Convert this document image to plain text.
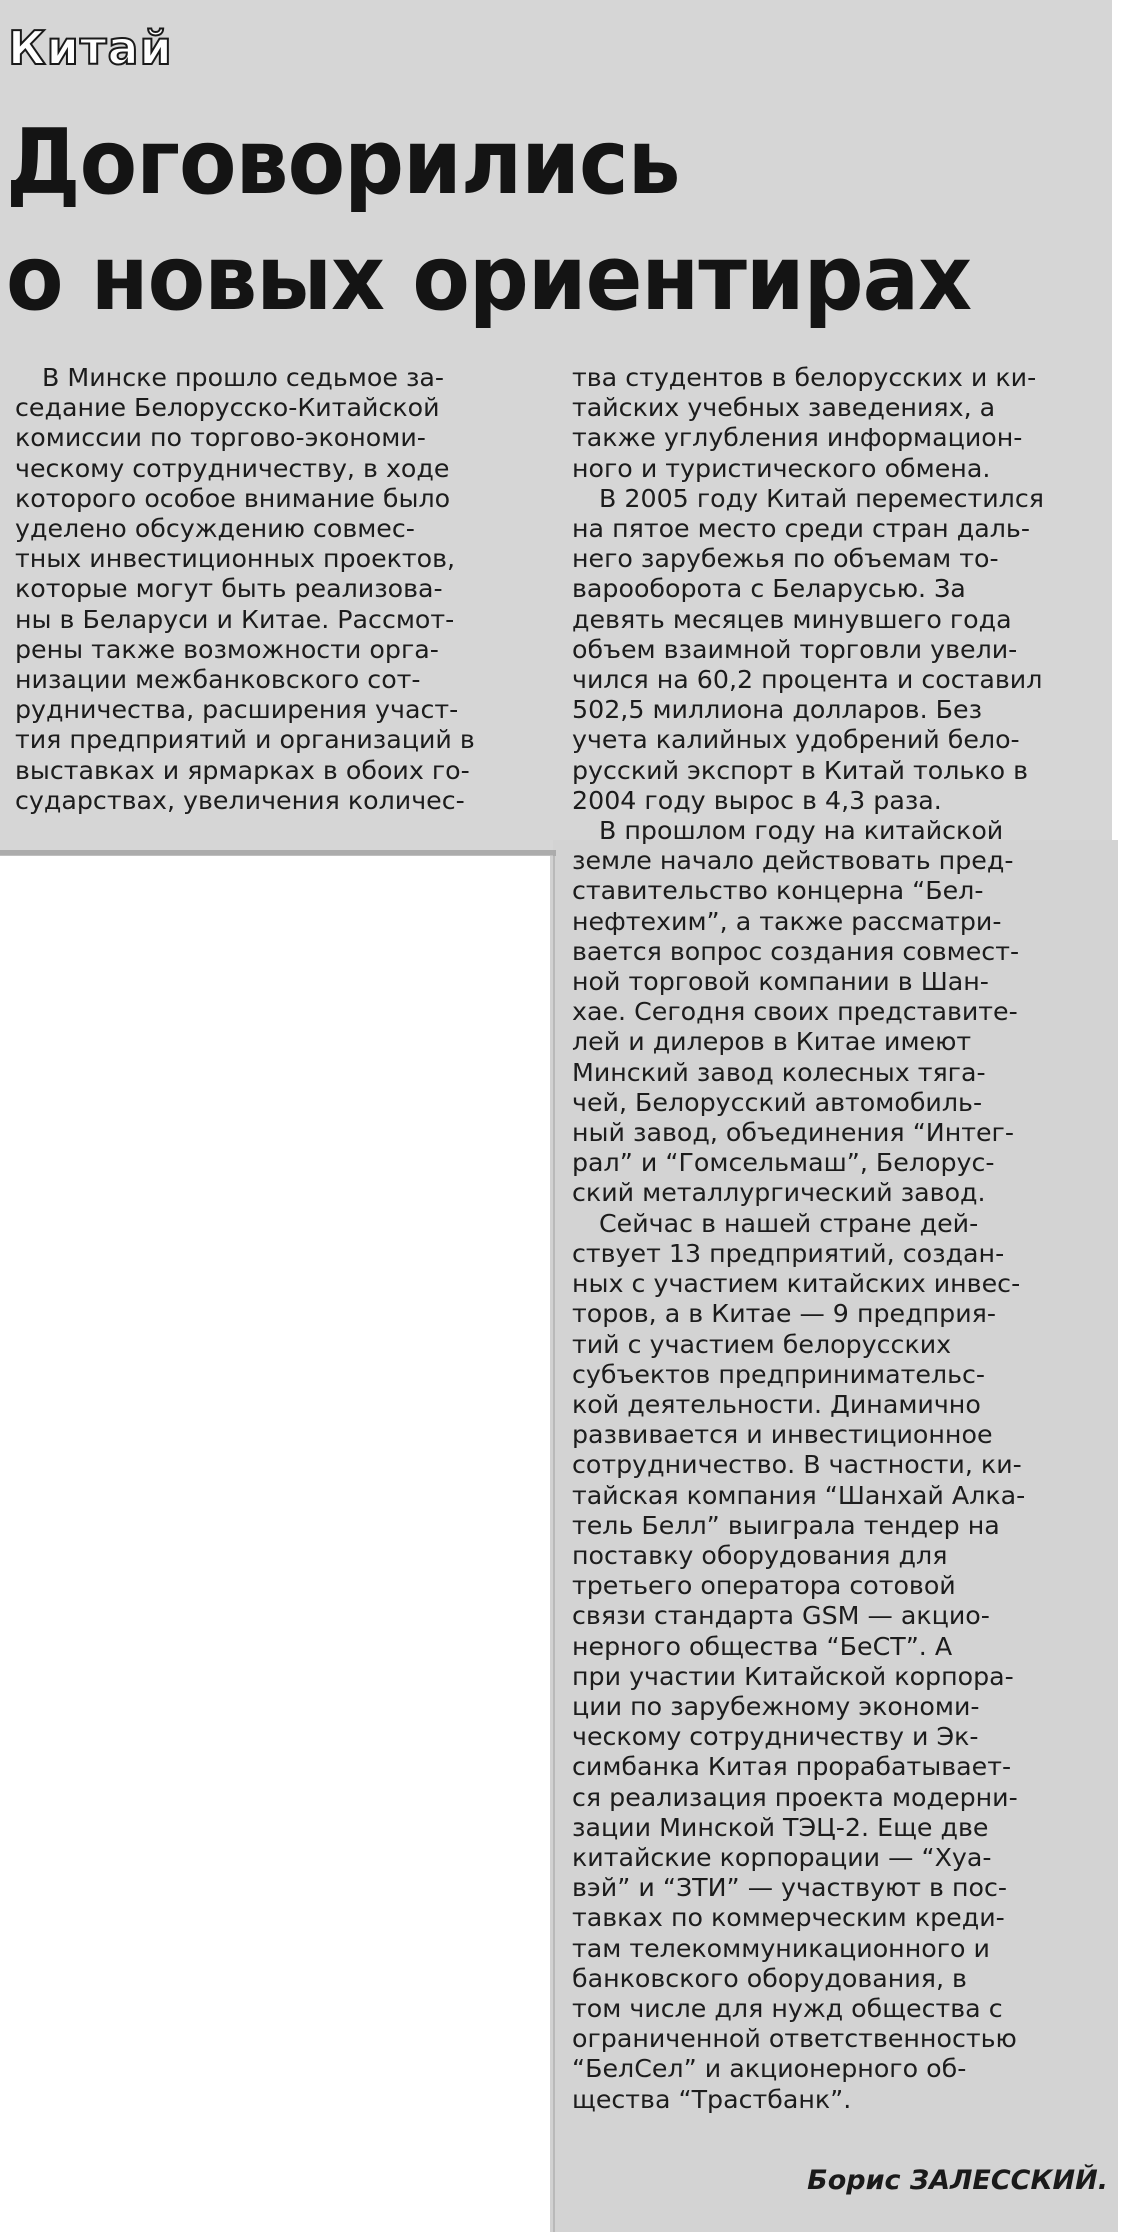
Китай
Договорились
о новых ориентирах
В Минске прошло седьмое за-
седание Белорусско-Китайской
комиссии по торгово-экономи-
ческому сотрудничеству, в ходе
которого особое внимание было
уделено обсуждению совмес-
тных инвестиционных проектов,
которые могут быть реализова-
ны в Беларуси и Китае. Рассмот-
рены также возможности орга-
низации межбанковского сот-
рудничества, расширения участ-
тия предприятий и организаций в
выставках и ярмарках в обоих го-
сударствах, увеличения количес-

тва студентов в белорусских и ки-
тайских учебных заведениях, а
также углубления информацион-
ного и туристического обмена.

В 2005 году Китай переместился
на пятое место среди стран даль-
него зарубежья по объемам то-
варооборота с Беларусью. За
девять месяцев минувшего года
объем взаимной торговли увели-
чился на 60,2 процента и составил
502,5 миллиона долларов. Без
учета калийных удобрений бело-
русский экспорт в Китай только в
2004 году вырос в 4,3 раза.

В прошлом году на китайской
земле начало действовать пред-
ставительство концерна “Бел-
нефтехим”, а также рассматри-
вается вопрос создания совмест-
ной торговой компании в Шан-
хае. Сегодня своих представите-
лей и дилеров в Китае имеют
Минский завод колесных тяга-
чей, Белорусский автомобиль-
ный завод, объединения “Интег-
рал” и “Гомсельмаш”, Белорус-
ский металлургический завод.

Сейчас в нашей стране дей-
ствует 13 предприятий, создан-
ных с участием китайских инвес-
торов, а в Китае — 9 предприя-
тий с участием белорусских
субъектов предпринимательс-
кой деятельности. Динамично
развивается и инвестиционное
сотрудничество. В частности, ки-
тайская компания “Шанхай Алка-
тель Белл” выиграла тендер на
поставку оборудования для
третьего оператора сотовой
связи стандарта GSM — акцио-
нерного общества “БеСТ”. А
при участии Китайской корпора-
ции по зарубежному экономи-
ческому сотрудничеству и Эк-
симбанка Китая прорабатывает-
ся реализация проекта модерни-
зации Минской ТЭЦ-2. Еще две
китайские корпорации — “Хуа-
вэй” и “ЗТИ” — участвуют в пос-
тавках по коммерческим креди-
там телекоммуникационного и
банковского оборудования, в
том числе для нужд общества с
ограниченной ответственностью
“БелСел” и акционерного об-
щества “Трастбанк”.

Борис ЗАЛЕССКИЙ.
